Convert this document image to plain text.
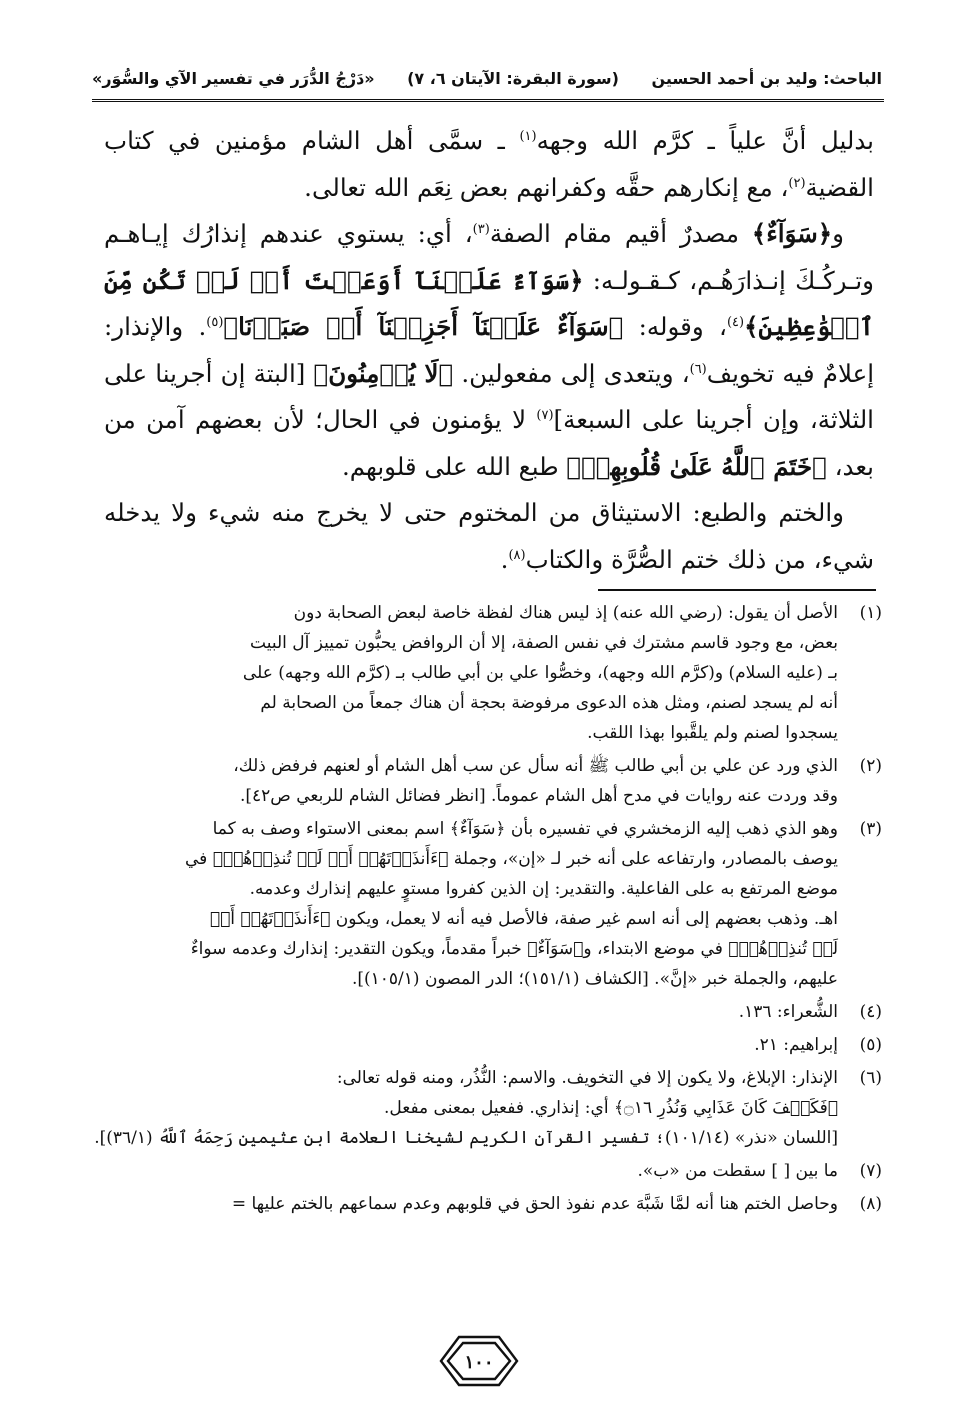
الباحث: وليد بن أحمد الحسين
(سورة البقرة: الآيتان ٦، ٧)
«دَرْجُ الدُّرَر في تفسير الآي والسُّوَر»

بدليل أنَّ علياً ـ كرَّم الله وجهه$^{(١)}$ ـ سمَّى أهل الشام مؤمنين في كتاب القضية$^{(٢)}$، مع إنكارهم حقَّه وكفرانهم بعض نِعَم الله تعالى.

و﴿سَوَآءٌ﴾ مصدرٌ أقيم مقام الصفة$^{(٣)}$، أي: يستوي عندهم إنذارُك إيـاهـم وتـركُـكَ إنـذارَهُـم، كـقـولـه: ﴿سَوَآءٌ عَلَيۡنَآ أَوَعَظۡتَ أَمۡ لَمۡ تَكُن مِّنَ ٱلۡوَٰعِظِينَ﴾$^{(٤)}$، وقوله: ﴿سَوَآءٌ عَلَيۡنَآ أَجَزِعۡنَآ أَمۡ صَبَرۡنَا﴾$^{(٥)}$. والإنذار: إعلامٌ فيه تخويف$^{(٦)}$، ويتعدى إلى مفعولين. ﴿لَا يُؤۡمِنُونَ﴾ [البتة إن أجرينا على الثلاثة، وإن أجرينا على السبعة]$^{(٧)}$ لا يؤمنون في الحال؛ لأن بعضهم آمن من بعد، ﴿خَتَمَ ٱللَّهُ عَلَىٰ قُلُوبِهِمۡ﴾ طبع الله على قلوبهم.

والختم والطبع: الاستيثاق من المختوم حتى لا يخرج منه شيء ولا يدخله شيء، من ذلك ختم الصُّرَّة والكتاب$^{(٨)}$.

(١)
الأصل أن يقول: (رضي الله عنه) إذ ليس هناك لفظة خاصة لبعض الصحابة دون
بعض، مع وجود قاسم مشترك في نفس الصفة، إلا أن الروافض يحبُّون تمييز آل البيت
بـ (عليه السلام) و(كرَّم الله وجهه)، وخصُّوا علي بن أبي طالب بـ (كرَّم الله وجهه) على
أنه لم يسجد لصنم، ومثل هذه الدعوى مرفوضة بحجة أن هناك جمعاً من الصحابة لم
يسجدوا لصنم ولم يلقَّبوا بهذا اللقب.
(٢)
الذي ورد عن علي بن أبي طالب ﷺ أنه سأل عن سب أهل الشام أو لعنهم فرفض ذلك،
وقد وردت عنه روايات في مدح أهل الشام عموماً. [انظر فضائل الشام للربعي ص٤٢].
(٣)
وهو الذي ذهب إليه الزمخشري في تفسيره بأن ﴿سَوَآءٌ﴾ اسم بمعنى الاستواء وصف به كما
يوصف بالمصادر، وارتفاعه على أنه خبر لـ «إن»، وجملة ﴿ءَأَنذَرۡتَهُمۡ أَمۡ لَمۡ تُنذِرۡهُمۡ﴾ في
موضع المرتفع به على الفاعلية. والتقدير: إن الذين كفروا مستوٍ عليهم إنذارك وعدمه.
اهـ. وذهب بعضهم إلى أنه اسم غير صفة، فالأصل فيه أنه لا يعمل، ويكون ﴿ءَأَنذَرۡتَهُمۡ أَمۡ
لَمۡ تُنذِرۡهُمۡ﴾ في موضع الابتداء، و﴿سَوَآءٌ﴾ خبراً مقدماً، ويكون التقدير: إنذارك وعدمه سواءٌ
عليهم، والجملة خبر «إنَّ». [الكشاف (١٥١/١)؛ الدر المصون (١٠٥/١)].
(٤)
الشُّعراء: ١٣٦.
(٥)
إبراهيم: ٢١.
(٦)
الإنذار: الإبلاغ، ولا يكون إلا في التخويف. والاسم: النُّذُر، ومنه قوله تعالى:
﴿فَكَيۡفَ كَانَ عَذَابِي وَنُذُرِ ۝١٦﴾ أي: إنذاري. ففعيل بمعنى مفعل.
[اللسان «نذر» (١٠١/١٤)؛ تفسير القرآن الكريم لشيخنا العلامة ابن عثيمين رَحِمَهُ ٱللَّهُ (٣٦/١)].
(٧)
ما بين [ ] سقطت من «ب».
(٨)
وحاصل الختم هنا أنه لمَّا شَبَّهَ عدم نفوذ الحق في قلوبهم وعدم سماعهم بالختم عليها =
١٠٠
